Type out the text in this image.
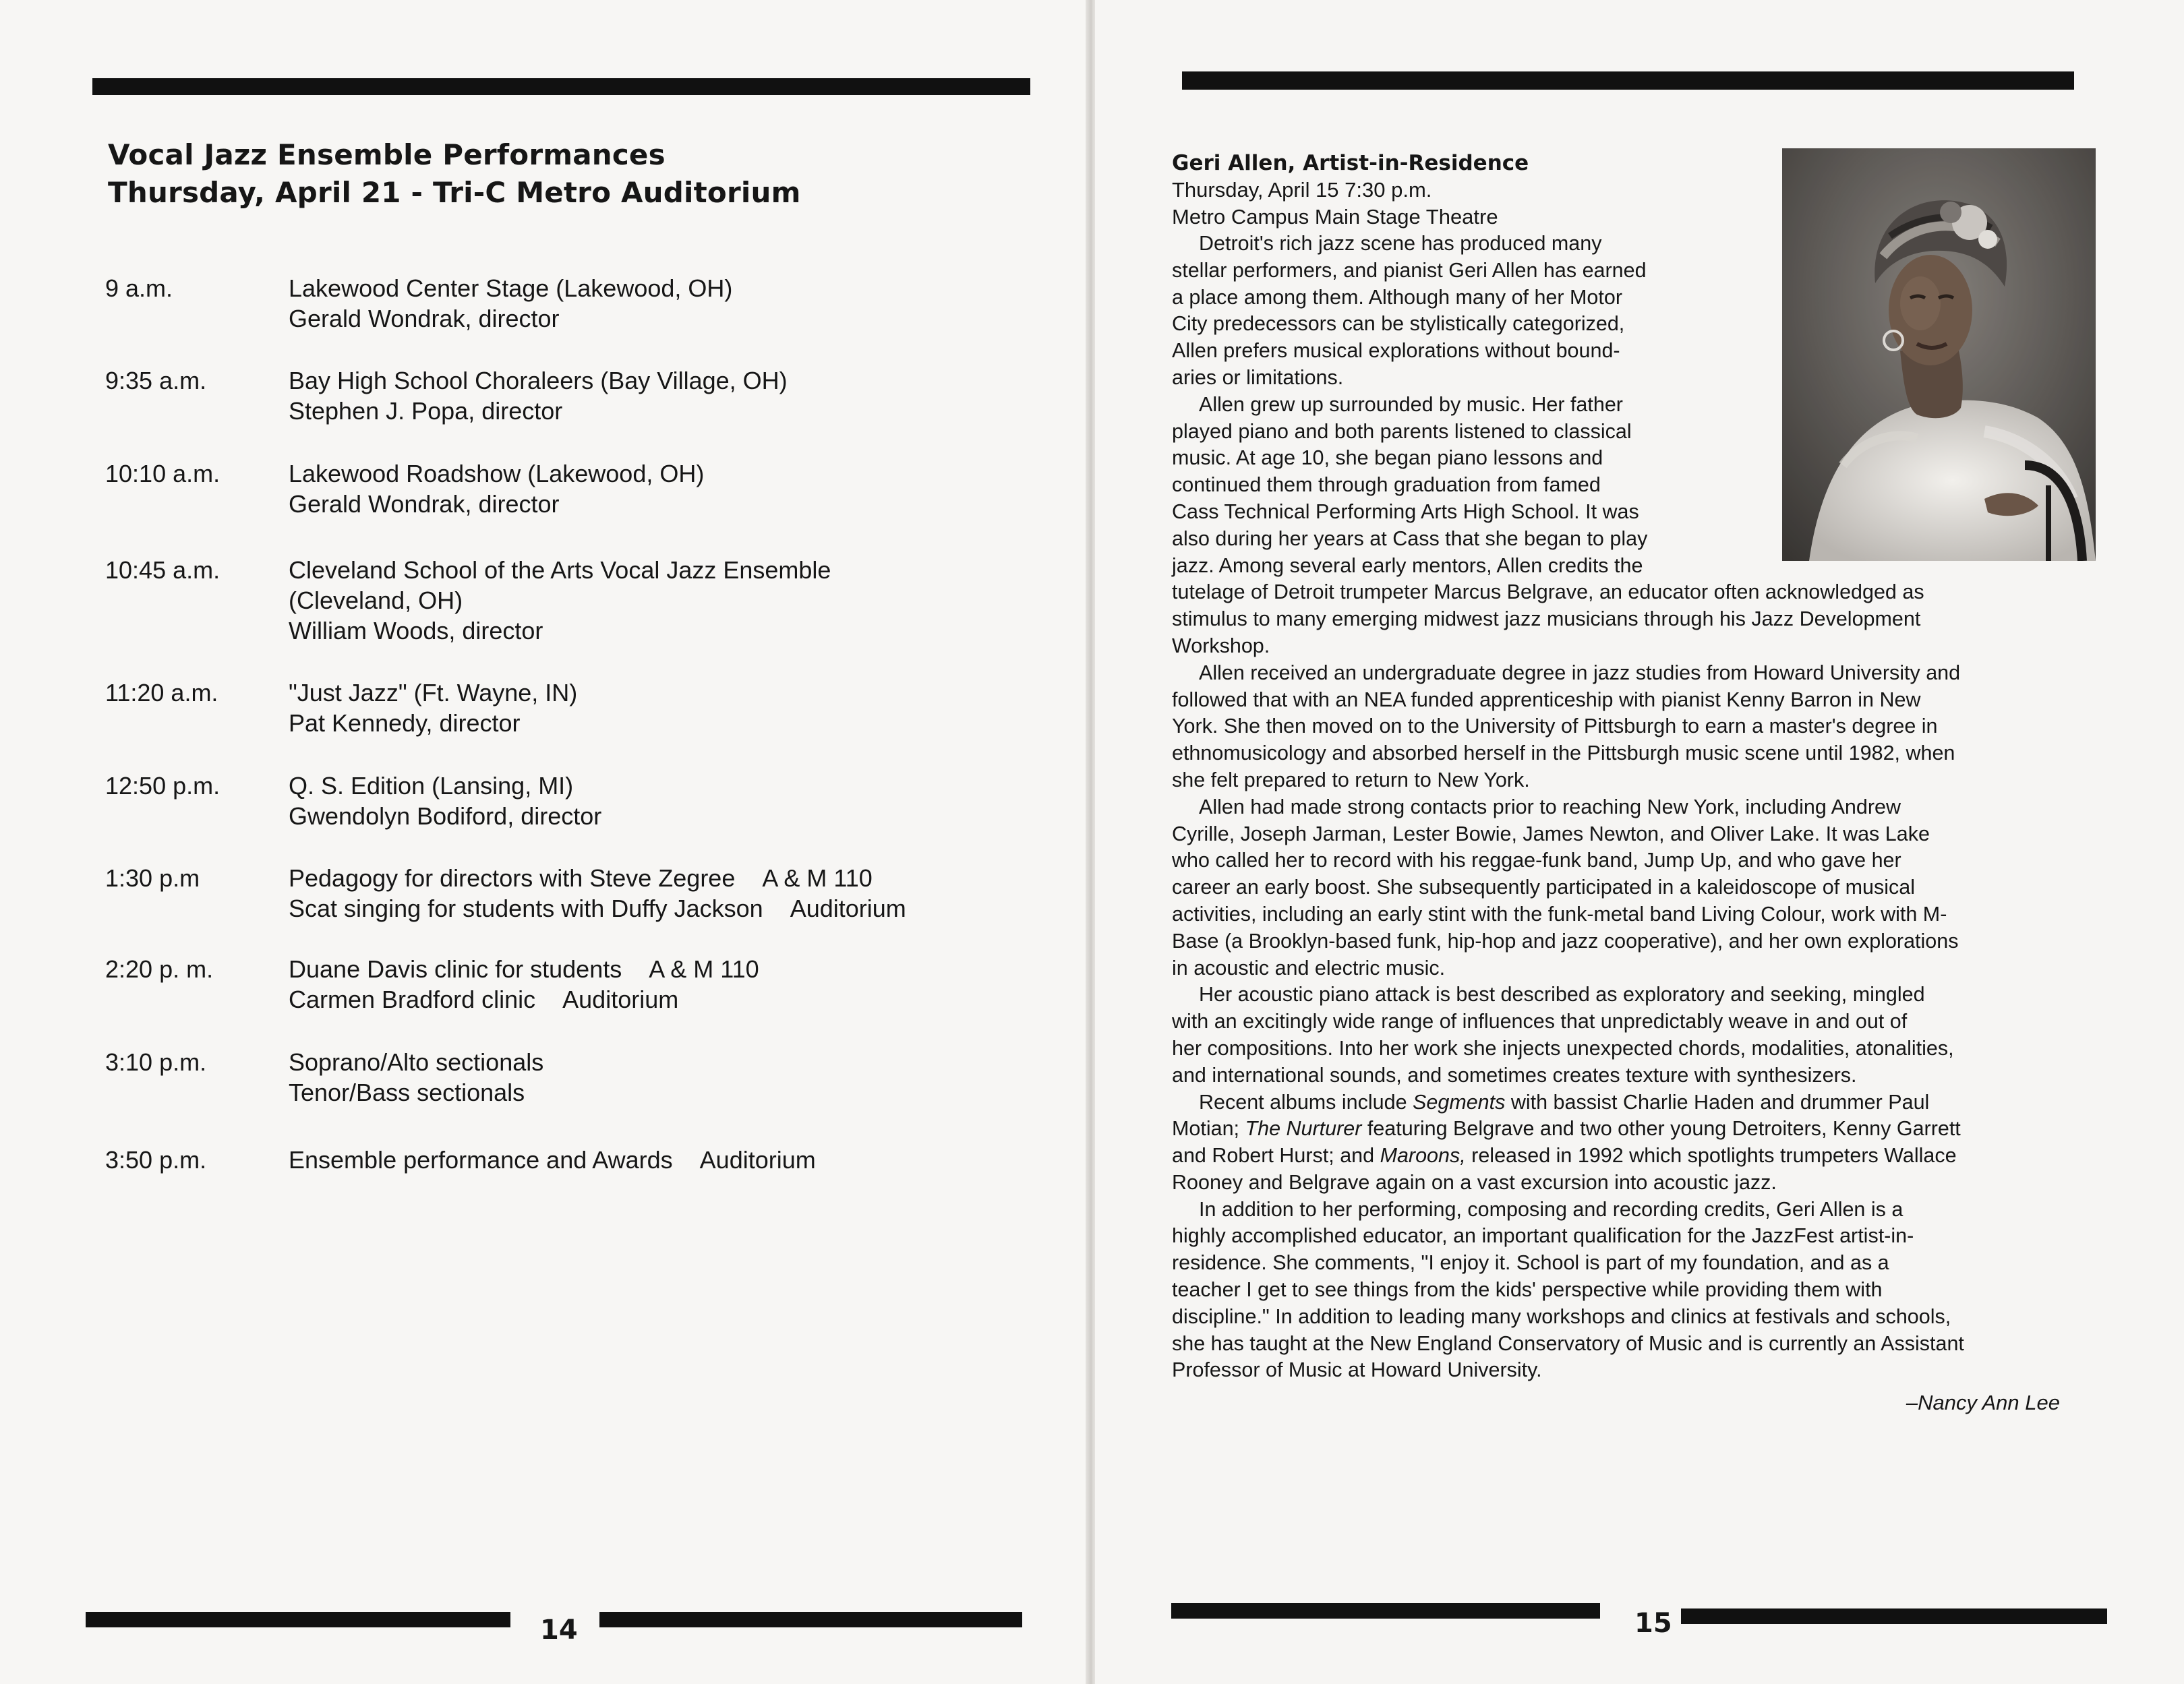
Vocal Jazz Ensemble Performances
Thursday, April 21 - Tri-C Metro Auditorium
9 a.m.	Lakewood Center Stage (Lakewood, OH)
Gerald Wondrak, director
9:35 a.m.	Bay High School Choraleers (Bay Village, OH)
Stephen J. Popa, director
10:10 a.m.	Lakewood Roadshow (Lakewood, OH)
Gerald Wondrak, director
10:45 a.m.	Cleveland School of the Arts Vocal Jazz Ensemble
(Cleveland, OH)
William Woods, director
11:20 a.m.	"Just Jazz" (Ft. Wayne, IN)
Pat Kennedy, director
12:50 p.m.	Q. S. Edition (Lansing, MI)
Gwendolyn Bodiford, director
1:30 p.m	Pedagogy for directors with Steve Zegree A & M 110
Scat singing for students with Duffy Jackson Auditorium
2:20 p. m.	Duane Davis clinic for students A & M 110
Carmen Bradford clinic Auditorium
3:10 p.m.	Soprano/Alto sectionals
Tenor/Bass sectionals
3:50 p.m.	Ensemble performance and Awards Auditorium
14	15
Geri Allen, Artist-in-Residence
Thursday, April 15 7:30 p.m.
Metro Campus Main Stage Theatre
Detroit's rich jazz scene has produced many
stellar performers, and pianist Geri Allen has earned
a place among them. Although many of her Motor
City predecessors can be stylistically categorized,
Allen prefers musical explorations without bound-
aries or limitations.
Allen grew up surrounded by music. Her father
played piano and both parents listened to classical
music. At age 10, she began piano lessons and
continued them through graduation from famed
Cass Technical Performing Arts High School. It was
also during her years at Cass that she began to play
jazz. Among several early mentors, Allen credits the
tutelage of Detroit trumpeter Marcus Belgrave, an educator often acknowledged as
stimulus to many emerging midwest jazz musicians through his Jazz Development
Workshop.
Allen received an undergraduate degree in jazz studies from Howard University and
followed that with an NEA funded apprenticeship with pianist Kenny Barron in New
York. She then moved on to the University of Pittsburgh to earn a master's degree in
ethnomusicology and absorbed herself in the Pittsburgh music scene until 1982, when
she felt prepared to return to New York.
Allen had made strong contacts prior to reaching New York, including Andrew
Cyrille, Joseph Jarman, Lester Bowie, James Newton, and Oliver Lake. It was Lake
who called her to record with his reggae-funk band, Jump Up, and who gave her
career an early boost. She subsequently participated in a kaleidoscope of musical
activities, including an early stint with the funk-metal band Living Colour, work with M-
Base (a Brooklyn-based funk, hip-hop and jazz cooperative), and her own explorations
in acoustic and electric music.
Her acoustic piano attack is best described as exploratory and seeking, mingled
with an excitingly wide range of influences that unpredictably weave in and out of
her compositions. Into her work she injects unexpected chords, modalities, atonalities,
and international sounds, and sometimes creates texture with synthesizers.
Recent albums include Segments with bassist Charlie Haden and drummer Paul
Motian; The Nurturer featuring Belgrave and two other young Detroiters, Kenny Garrett
and Robert Hurst; and Maroons, released in 1992 which spotlights trumpeters Wallace
Rooney and Belgrave again on a vast excursion into acoustic jazz.
In addition to her performing, composing and recording credits, Geri Allen is a
highly accomplished educator, an important qualification for the JazzFest artist-in-
residence. She comments, "I enjoy it. School is part of my foundation, and as a
teacher I get to see things from the kids' perspective while providing them with
discipline." In addition to leading many workshops and clinics at festivals and schools,
she has taught at the New England Conservatory of Music and is currently an Assistant
Professor of Music at Howard University.
–Nancy Ann Lee
